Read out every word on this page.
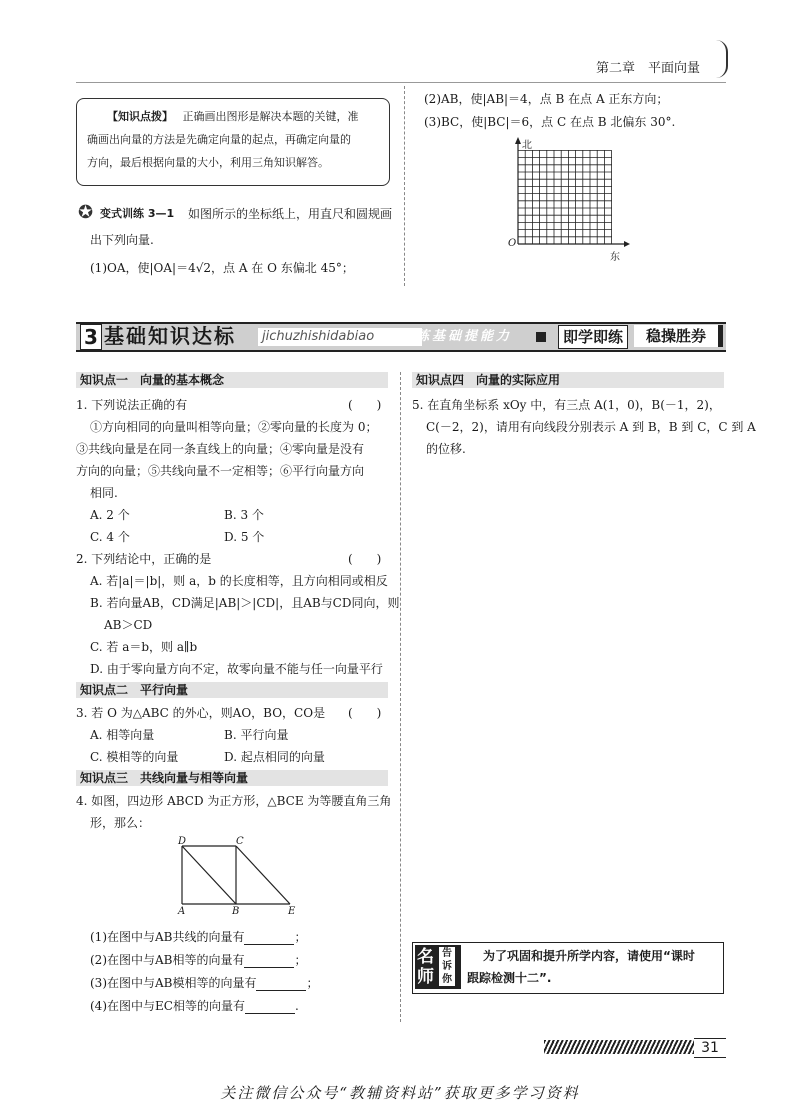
第二章　平面向量
【知识点拨】 正确画出图形是解决本题的关键，准
确画出向量的方法是先确定向量的起点，再确定向量的
方向，最后根据向量的大小，利用三角知识解答。
✪ 变式训练 3—1 如图所示的坐标纸上，用直尺和圆规画
出下列向量.
(1)OA，使|OA|＝4√2，点 A 在 O 东偏北 45°；
(2)AB，使|AB|＝4，点 B 在点 A 正东方向；
(3)BC，使|BC|＝6，点 C 在点 B 北偏东 30°.
北
东
O
3 基础知识达标	jichuzhishidabiao	练基础提能力	即学即练	稳操胜券
知识点一　向量的基本概念
1. 下列说法正确的有	(　　)
①方向相同的向量叫相等向量；②零向量的长度为 0；
③共线向量是在同一条直线上的向量；④零向量是没有
方向的向量；⑤共线向量不一定相等；⑥平行向量方向
相同.
A. 2 个	B. 3 个
C. 4 个	D. 5 个
2. 下列结论中，正确的是	(　　)
A. 若|a|＝|b|，则 a，b 的长度相等，且方向相同或相反
B. 若向量AB，CD满足|AB|＞|CD|，且AB与CD同向，则
AB＞CD
C. 若 a＝b，则 a∥b
D. 由于零向量方向不定，故零向量不能与任一向量平行
知识点二　平行向量
3. 若 O 为△ABC 的外心，则AO，BO，CO是 (　　)
A. 相等向量	B. 平行向量
C. 模相等的向量	D. 起点相同的向量
知识点三　共线向量与相等向量
4. 如图，四边形 ABCD 为正方形，△BCE 为等腰直角三角
形，那么：
D	C
A	B	E
(1)在图中与AB共线的向量有	；
(2)在图中与AB相等的向量有	；
(3)在图中与AB模相等的向量有	；
(4)在图中与EC相等的向量有	.
知识点四　向量的实际应用
5. 在直角坐标系 xOy 中，有三点 A(1，0)，B(－1，2)，
C(－2，2)，请用有向线段分别表示 A 到 B，B 到 C，C 到 A
的位移.
名师
告诉你
为了巩固和提升所学内容，请使用“课时
跟踪检测十二”.
31
关注微信公众号“教辅资料站”获取更多学习资料
